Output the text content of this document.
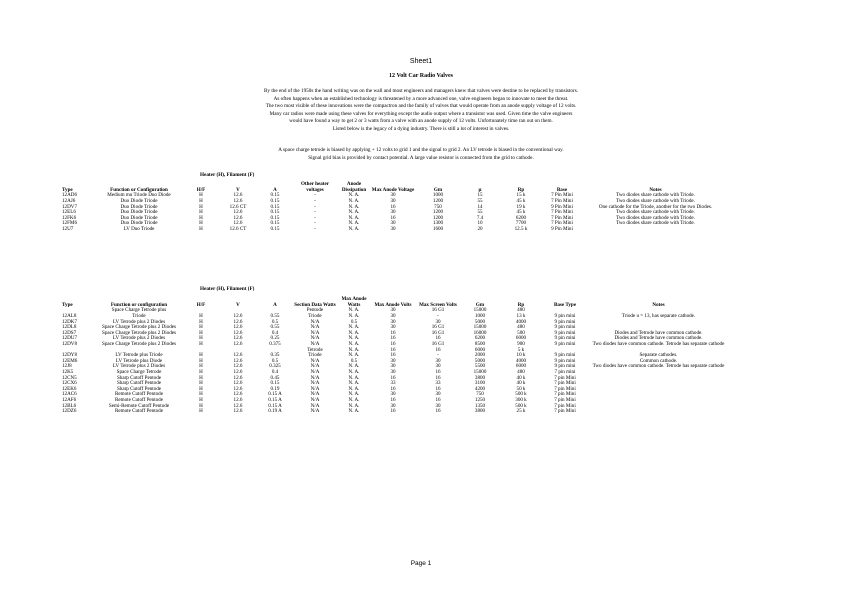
Sheet1
12 Volt Car Radio Valves
By the end of the 1950s the hand writing was on the wall and most engineers and managers knew that valves were destine to be replaced by transistors.
As often happens when an established technology is threatened by a more advanced one, valve engineers began to innovate to meet the threat.
The two most visible of these innovations were the compactron and the family of valves that would operate from an anode supply voltage of 12 volts.
Many car radios were made using these valves for everything except the audio output where a transistor was used. Given time the valve engineers
would have found a way to get 2 or 3 watts from a valve with an anode supply of 12 volts. Unfortunately time ran out on them.
Listed below is the legacy of a dying industry. There is still a lot of interest in valves.
A space charge tetrode is biased by applying + 12 volts to grid 1 and the signal to grid 2. An LV tetrode is biased in the conventional way.
Signal grid bias is provided by contact potential. A large value resistor is connected from the grid to cathode.
Heater (H), Filament (F)
Type	Function or Configuration	H/F	V	A	Other heater voltages	Anode Dissipation	Max Anode Voltage	Gm	µ	Rp	Base	Notes
12AD6	Medium mu Triode Duo Diode	H	12.6	0.15	-	N. A.	30	1000	15	15 k	7 Pin Mini	Two diodes share cathode with Triode.
12AJ6	Duo Diode Triode	H	12.6	0.15	-	N. A.	30	1200	55	45 k	7 Pin Mini	Two diodes share cathode with Triode.
12DV7	Duo Diode Triode	H	12.6 CT	0.15	-	N. A.	16	750	14	19 k	9 Pin Mini	One cathode for the Triode, another for the two Diodes.
12EL6	Duo Diode Triode	H	12.6	0.15	-	N. A.	30	1200	55	45 k	7 Pin Mini	Two diodes share cathode with Triode.
12FK6	Duo Diode Triode	H	12.6	0.15	-	N. A.	16	1200	7.4	6200	7 Pin Mini	Two diodes share cathode with Triode.
12FM6	Duo Diode Triode	H	12.6	0.15	-	N. A.	30	1300	10	7700	7 Pin Mini	Two diodes share cathode with Triode.
12U7	LV Duo Triode	H	12.6 CT	0.15	-	N. A.	30	1600	20	12.5 k	9 Pin Mini	
Heater (H), Filament (F)
Type	Function or configuration	H/F	V	A	Section Data Watts	Max Anode Watts	Max Anode Volts	Max Screen Volts	Gm	Rp	Base Type	Notes
	Space Charge Tetrode plus				Pentode	N. A.	30	16 G1	15000	480		
12AL8	Triode	H	12.6	0.55	Triode	N. A.	30	-	1000	13 k	9 pin mini	Triode u = 13, has separate cathode.
12DK7	LV Tetrode plus 2 Diodes	H	12.6	0.5	N/A	0.5	30	30	5000	4000	9 pin mini	
12DL8	Space Charge Tetrode plus 2 Diodes	H	12.6	0.55	N/A	N. A.	30	16 G1	15000	480	9 pin mini	
12DS7	Space Charge Tetrode plus 2 Diodes	H	12.6	0.4	N/A	N. A.	16	16 G1	16000	500	9 pin mini	Diodes and Tetrode have common cathode.
12DU7	LV Tetrode plus 2 Diodes	H	12.6	0.25	N/A	N. A.	16	16	6200	6000	9 pin mini	Diodes and Tetrode have common cathode.
12DV8	Space Charge Tetrode plus 2 Diodes	H	12.6	0.375	N/A	N. A.	16	16 G1	8500	900	9 pin mini	Two diodes have common cathode. Tetrode has separate cathode
					Tetrode	N. A.	16	16	6000	5 k		
12DY8	LV Tetrode plus Triode	H	12.6	0.35	Triode	N. A.	16	-	2000	10 k	9 pin mini	Separate cathodes.
12EM6	LV Tetrode plus Diode	H	12.6	0.5	N/A	0.5	30	30	5000	4000	9 pin mini	Common cathode.
12J8	LV Tetrode plus 2 Diodes	H	12.6	0.325	N/A	N. A.	30	30	5500	6000	9 pin mini	Two diodes have common cathode. Tetrode has separate cathode
12K5	Space Charge Tetrode	H	12.6	0.4	N/A	N. A.	30	16	15000	480	7 pin mini	
12CN5	Sharp Cutoff Pentode	H	12.6	0.45	N/A	N. A.	16	16	3800	40 k	7 pin Mini	
12CX6	Sharp Cutoff Pentode	H	12.6	0.15	N/A	N. A.	33	33	3100	40 k	7 pin Mini	
12EK6	Sharp Cutoff Pentode	H	12.6	0.19	N/A	N. A.	16	16	4200	50 k	7 pin Mini	
12AC6	Remote Cutoff Pentode	H	12.6	0.15 A	N/A	N. A.	30	30	750	500 k	7 pin Mini	
12AF6	Remote Cutoff Pentode	H	12.6	0.15 A	N/A	N. A.	16	16	1250	300 k	7 pin Mini	
12BL6	Semi-Remote Cutoff Pentode	H	12.6	0.15 A	N/A	N. A.	30	30	1350	500 k	7 pin Mini	
12DZ6	Remote Cutoff Pentode	H	12.6	0.19 A	N/A	N. A.	16	16	3800	25 k	7 pin Mini	
Page 1
